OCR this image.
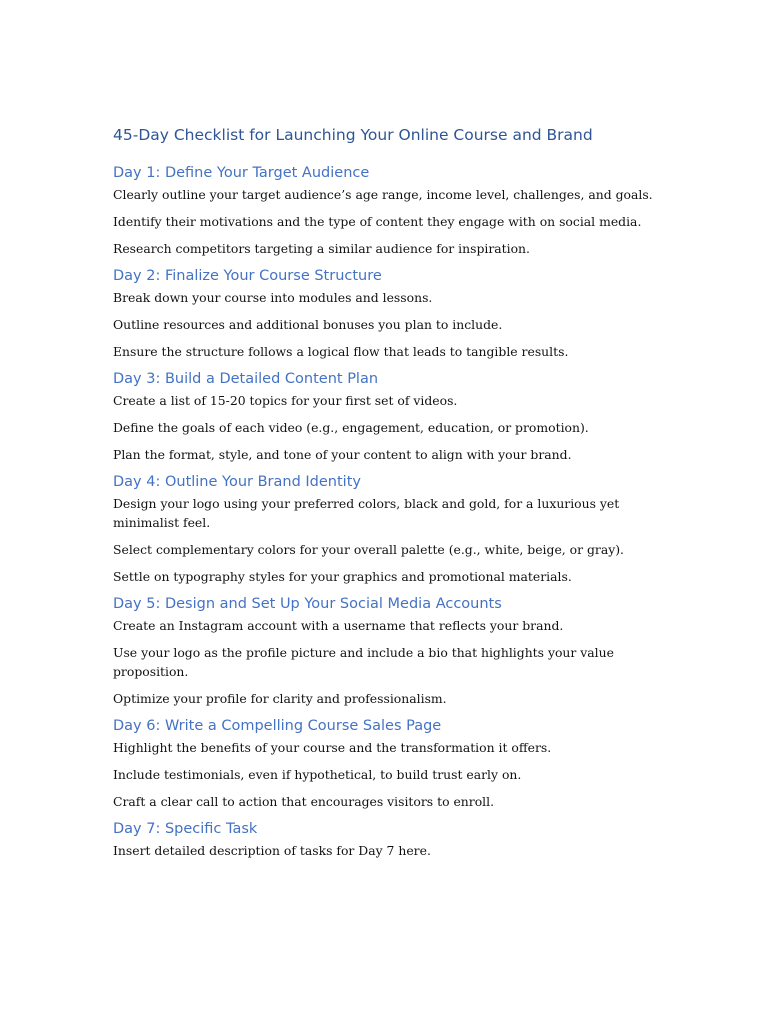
45-Day Checklist for Launching Your Online Course and Brand
Day 1: Define Your Target Audience

Clearly outline your target audience’s age range, income level, challenges, and goals.

Identify their motivations and the type of content they engage with on social media.

Research competitors targeting a similar audience for inspiration.

Day 2: Finalize Your Course Structure

Break down your course into modules and lessons.

Outline resources and additional bonuses you plan to include.

Ensure the structure follows a logical flow that leads to tangible results.

Day 3: Build a Detailed Content Plan

Create a list of 15-20 topics for your first set of videos.

Define the goals of each video (e.g., engagement, education, or promotion).

Plan the format, style, and tone of your content to align with your brand.

Day 4: Outline Your Brand Identity

Design your logo using your preferred colors, black and gold, for a luxurious yet minimalist feel.

Select complementary colors for your overall palette (e.g., white, beige, or gray).

Settle on typography styles for your graphics and promotional materials.

Day 5: Design and Set Up Your Social Media Accounts

Create an Instagram account with a username that reflects your brand.

Use your logo as the profile picture and include a bio that highlights your value proposition.

Optimize your profile for clarity and professionalism.

Day 6: Write a Compelling Course Sales Page

Highlight the benefits of your course and the transformation it offers.

Include testimonials, even if hypothetical, to build trust early on.

Craft a clear call to action that encourages visitors to enroll.

Day 7: Specific Task

Insert detailed description of tasks for Day 7 here.
